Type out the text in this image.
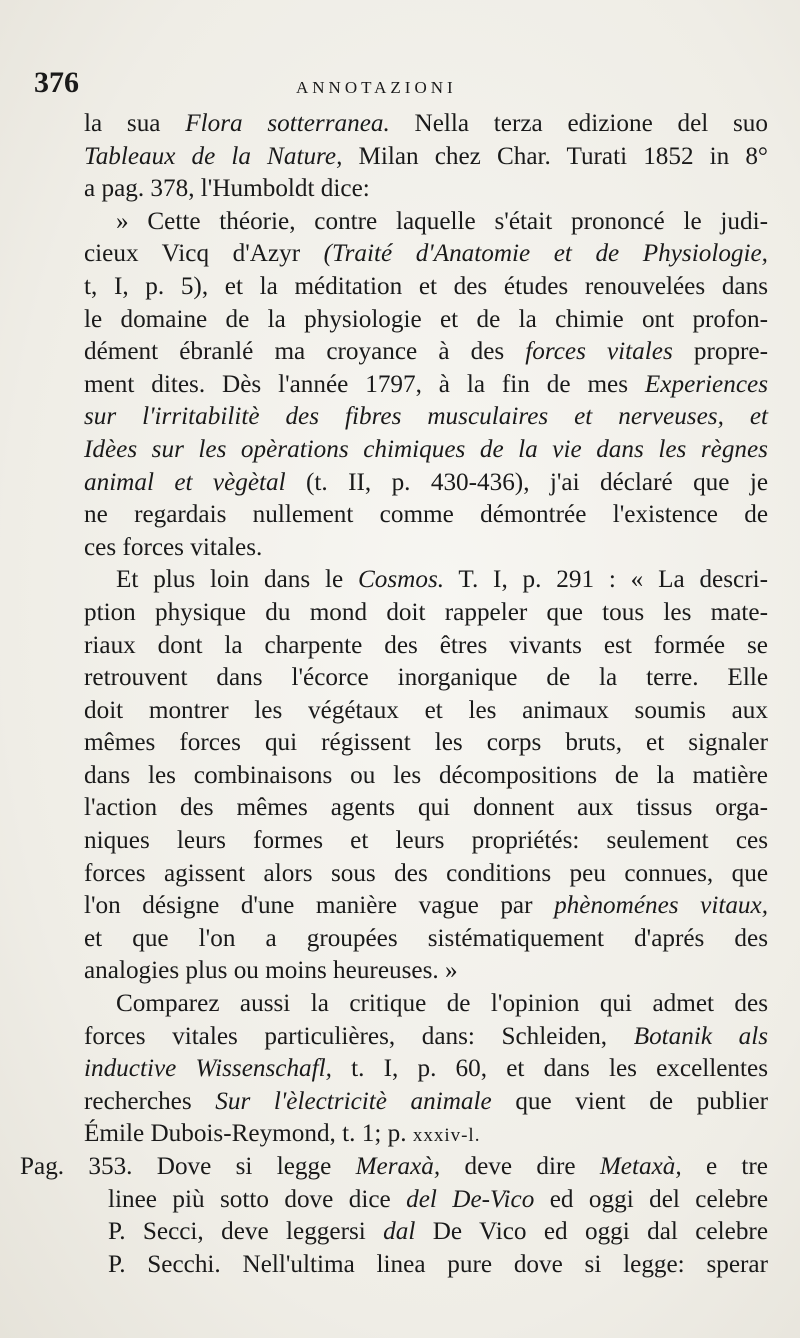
376	ANNOTAZIONI
la sua Flora sotterranea. Nella terza edizione del suo
Tableaux de la Nature, Milan chez Char. Turati 1852 in 8°
a pag. 378, l'Humboldt dice:
» Cette théorie, contre laquelle s'était prononcé le judi-
cieux Vicq d'Azyr (Traité d'Anatomie et de Physiologie,
t, I, p. 5), et la méditation et des études renouvelées dans
le domaine de la physiologie et de la chimie ont profon-
dément ébranlé ma croyance à des forces vitales propre-
ment dites. Dès l'année 1797, à la fin de mes Experiences
sur l'irritabilitè des fibres musculaires et nerveuses, et
Idèes sur les opèrations chimiques de la vie dans les règnes
animal et vègètal (t. II, p. 430-436), j'ai déclaré que je
ne regardais nullement comme démontrée l'existence de
ces forces vitales.
Et plus loin dans le Cosmos. T. I, p. 291 : « La descri-
ption physique du mond doit rappeler que tous les mate-
riaux dont la charpente des êtres vivants est formée se
retrouvent dans l'écorce inorganique de la terre. Elle
doit montrer les végétaux et les animaux soumis aux
mêmes forces qui régissent les corps bruts, et signaler
dans les combinaisons ou les décompositions de la matière
l'action des mêmes agents qui donnent aux tissus orga-
niques leurs formes et leurs propriétés: seulement ces
forces agissent alors sous des conditions peu connues, que
l'on désigne d'une manière vague par phènoménes vitaux,
et que l'on a groupées sistématiquement d'aprés des
analogies plus ou moins heureuses. »
Comparez aussi la critique de l'opinion qui admet des
forces vitales particulières, dans: Schleiden, Botanik als
inductive Wissenschafl, t. I, p. 60, et dans les excellentes
recherches Sur l'èlectricitè animale que vient de publier
Émile Dubois-Reymond, t. 1; p. xxxiv-l.
Pag. 353. Dove si legge Meraxà, deve dire Metaxà, e tre
linee più sotto dove dice del De-Vico ed oggi del celebre
P. Secci, deve leggersi dal De Vico ed oggi dal celebre
P. Secchi. Nell'ultima linea pure dove si legge: sperar
